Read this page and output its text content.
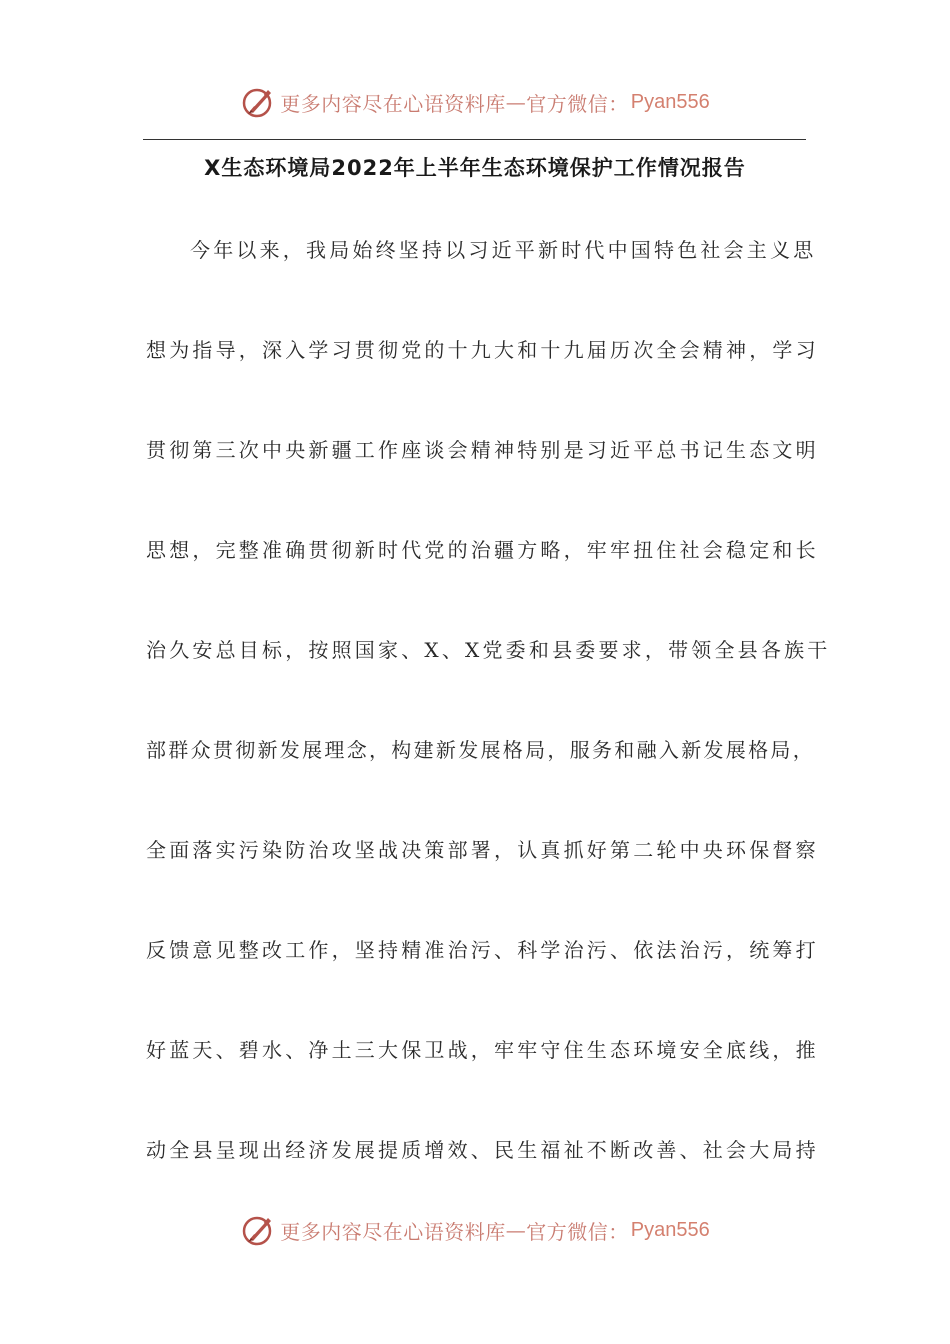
更多内容尽在心语资料库 — 官方微信： Pyan556
X生态环境局2022年上半年生态环境保护工作情况报告
今年以来，我局始终坚持以习近平新时代中国特色社会主义思
想为指导，深入学习贯彻党的十九大和十九届历次全会精神，学习
贯彻第三次中央新疆工作座谈会精神特别是习近平总书记生态文明
思想，完整准确贯彻新时代党的治疆方略，牢牢扭住社会稳定和长
治久安总目标，按照国家、X、X党委和县委要求，带领全县各族干
部群众贯彻新发展理念，构建新发展格局，服务和融入新发展格局，
全面落实污染防治攻坚战决策部署，认真抓好第二轮中央环保督察
反馈意见整改工作，坚持精准治污、科学治污、依法治污，统筹打
好蓝天、碧水、净土三大保卫战，牢牢守住生态环境安全底线，推
动全县呈现出经济发展提质增效、民生福祉不断改善、社会大局持
更多内容尽在心语资料库 — 官方微信： Pyan556
